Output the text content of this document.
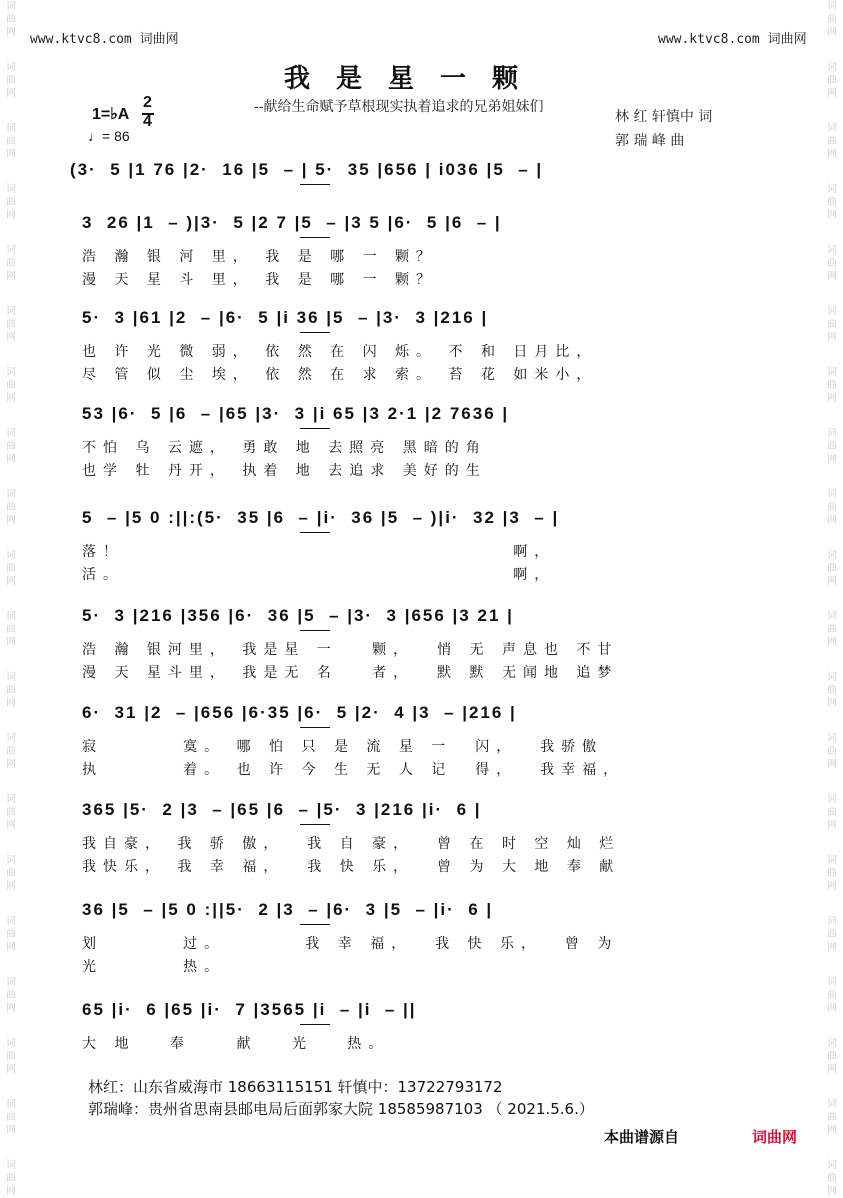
词
曲
网
词
曲
网
词
曲
网
词
曲
网
词
曲
网
词
曲
网
词
曲
网
词
曲
网
词
曲
网
词
曲
网
词
曲
网
词
曲
网
词
曲
网
词
曲
网
词
曲
网
词
曲
网
词
曲
网
词
曲
网
词
曲
网
词
曲
网
词
曲
网
词
曲
网
词
曲
网
词
曲
网
词
曲
网
词
曲
网
词
曲
网
词
曲
网
词
曲
网
词
曲
网
词
曲
网
词
曲
网
词
曲
网
词
曲
网
词
曲
网
词
曲
网
词
曲
网
词
曲
网
词
曲
网
词
曲
网
www.ktvc8.com 词曲网	www.ktvc8.com 词曲网
我是星一颗
--献给生命赋予草根现实执着追求的兄弟姐妹们
1=♭A
2
4
♩= 86
林 红 轩慎中 词
郭 瑞 峰 曲
(3·  5 |1 76 |2·  16 |5  – | 5·  35 |656 | i036 |5  – |
3  26 |1  – )|3·  5 |2 7 |5  – |3 5 |6·  5 |6  – |
浩 瀚 银 河 里， 我 是 哪 一 颗？
漫 天 星 斗 里， 我 是 哪 一 颗？
5·  3 |61 |2  – |6·  5 |i 36 |5  – |3·  3 |216 |
也 许 光 微 弱， 依 然 在 闪 烁。 不 和 日月比，
尽 管 似 尘 埃， 依 然 在 求 索。 苔 花 如米小，
53 |6·  5 |6  – |65 |3·  3 |i 65 |3 2·1 |2 7636 |
不怕 乌 云遮， 勇敢 地 去照亮 黑暗的角
也学 牡 丹开， 执着 地 去追求 美好的生
5  – |5 0 :||:(5·  35 |6  – |i·  36 |5  – )|i·  32 |3  – |
落！                                  啊，
活。                                  啊，
5·  3 |216 |356 |6·  36 |5  – |3·  3 |656 |3 21 |
浩 瀚 银河里， 我是星 一   颗，  悄 无 声息也 不甘
漫 天 星斗里， 我是无 名   者，  默 默 无闻地 追梦
6·  31 |2  – |656 |6·35 |6·  5 |2·  4 |3  – |216 |
寂       寞。 哪 怕 只 是 流 星 一  闪，  我骄傲
执       着。 也 许 今 生 无 人 记  得，  我幸福，
365 |5·  2 |3  – |65 |6  – |5·  3 |216 |i·  6 |
我自豪， 我 骄 傲，  我 自 豪，  曾 在 时 空 灿 烂
我快乐， 我 幸 福，  我 快 乐，  曾 为 大 地 奉 献
36 |5  – |5 0 :||5·  2 |3  – |6·  3 |5  – |i·  6 |
划       过。       我 幸 福，  我 快 乐，  曾 为
光       热。
65 |i·  6 |65 |i·  7 |3565 |i  – |i  – ||
大 地   奉    献   光   热。
林红：山东省威海市 18663115151 轩慎中：13722793172
郭瑞峰：贵州省思南县邮电局后面郭家大院 18585987103 （ 2021.5.6.）
本曲谱源自	词曲网
